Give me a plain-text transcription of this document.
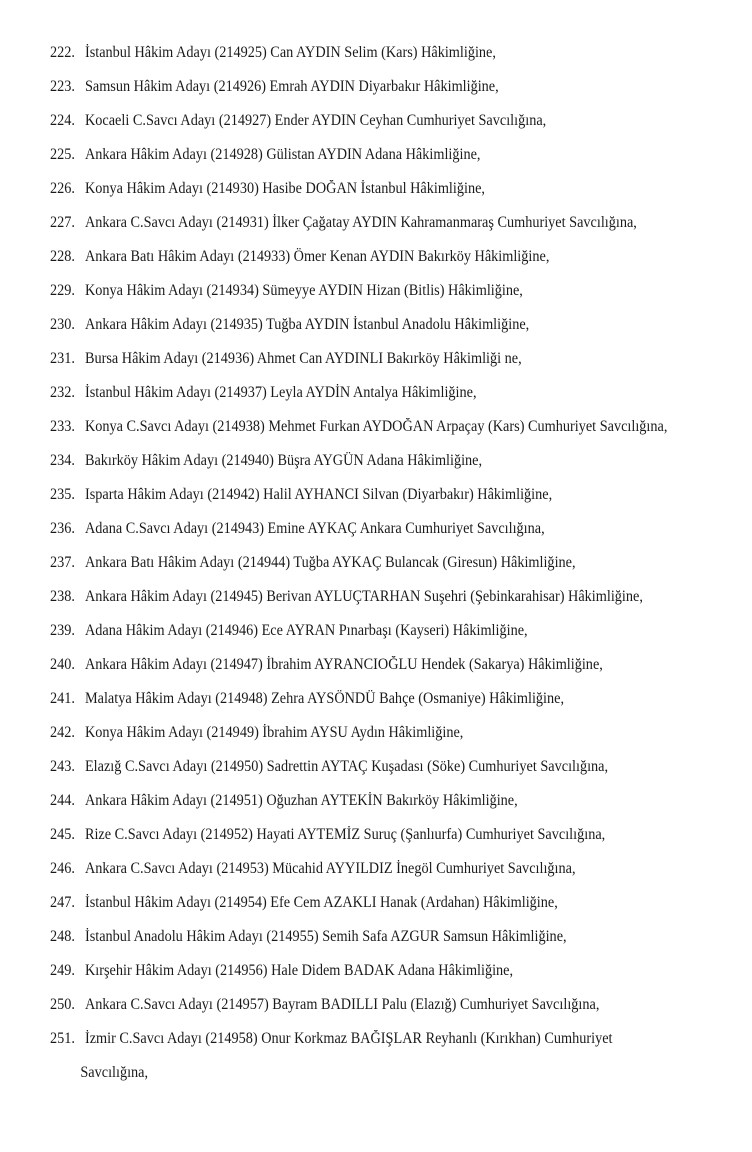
222. İstanbul Hâkim Adayı (214925) Can AYDIN Selim (Kars) Hâkimliğine,
223. Samsun Hâkim Adayı (214926) Emrah AYDIN Diyarbakır Hâkimliğine,
224. Kocaeli C.Savcı Adayı (214927) Ender AYDIN Ceyhan Cumhuriyet Savcılığına,
225. Ankara Hâkim Adayı (214928) Gülistan AYDIN Adana Hâkimliğine,
226. Konya Hâkim Adayı (214930) Hasibe DOĞAN İstanbul Hâkimliğine,
227. Ankara C.Savcı Adayı (214931) İlker Çağatay AYDIN Kahramanmaraş Cumhuriyet Savcılığına,
228. Ankara Batı Hâkim Adayı (214933) Ömer Kenan AYDIN Bakırköy Hâkimliğine,
229. Konya Hâkim Adayı (214934) Sümeyye AYDIN Hizan (Bitlis) Hâkimliğine,
230. Ankara Hâkim Adayı (214935) Tuğba AYDIN İstanbul Anadolu Hâkimliğine,
231. Bursa Hâkim Adayı (214936) Ahmet Can AYDINLI Bakırköy Hâkimliği ne,
232. İstanbul Hâkim Adayı (214937) Leyla AYDİN Antalya Hâkimliğine,
233. Konya C.Savcı Adayı (214938) Mehmet Furkan AYDOĞAN Arpaçay (Kars) Cumhuriyet Savcılığına,
234. Bakırköy Hâkim Adayı (214940) Büşra AYGÜN Adana Hâkimliğine,
235. Isparta Hâkim Adayı (214942) Halil AYHANCI Silvan (Diyarbakır) Hâkimliğine,
236. Adana C.Savcı Adayı (214943) Emine AYKAÇ Ankara Cumhuriyet Savcılığına,
237. Ankara Batı Hâkim Adayı (214944) Tuğba AYKAÇ Bulancak (Giresun) Hâkimliğine,
238. Ankara Hâkim Adayı (214945) Berivan AYLUÇTARHAN Suşehri (Şebinkarahisar) Hâkimliğine,
239. Adana Hâkim Adayı (214946) Ece AYRAN Pınarbaşı (Kayseri) Hâkimliğine,
240. Ankara Hâkim Adayı (214947) İbrahim AYRANCIOĞLU Hendek (Sakarya) Hâkimliğine,
241. Malatya Hâkim Adayı (214948) Zehra AYSÖNDÜ Bahçe (Osmaniye) Hâkimliğine,
242. Konya Hâkim Adayı (214949) İbrahim AYSU Aydın Hâkimliğine,
243. Elazığ C.Savcı Adayı (214950) Sadrettin AYTAÇ Kuşadası (Söke) Cumhuriyet Savcılığına,
244. Ankara Hâkim Adayı (214951) Oğuzhan AYTEKİN Bakırköy Hâkimliğine,
245. Rize C.Savcı Adayı (214952) Hayati AYTEMİZ Suruç (Şanlıurfa) Cumhuriyet Savcılığına,
246. Ankara C.Savcı Adayı (214953) Mücahid AYYILDIZ İnegöl Cumhuriyet Savcılığına,
247. İstanbul Hâkim Adayı (214954) Efe Cem AZAKLI Hanak (Ardahan) Hâkimliğine,
248. İstanbul Anadolu Hâkim Adayı (214955) Semih Safa AZGUR Samsun Hâkimliğine,
249. Kırşehir Hâkim Adayı (214956) Hale Didem BADAK Adana Hâkimliğine,
250. Ankara C.Savcı Adayı (214957) Bayram BADILLI Palu (Elazığ) Cumhuriyet Savcılığına,
251. İzmir C.Savcı Adayı (214958) Onur Korkmaz BAĞIŞLAR Reyhanlı (Kırıkhan) Cumhuriyet
Savcılığına,
